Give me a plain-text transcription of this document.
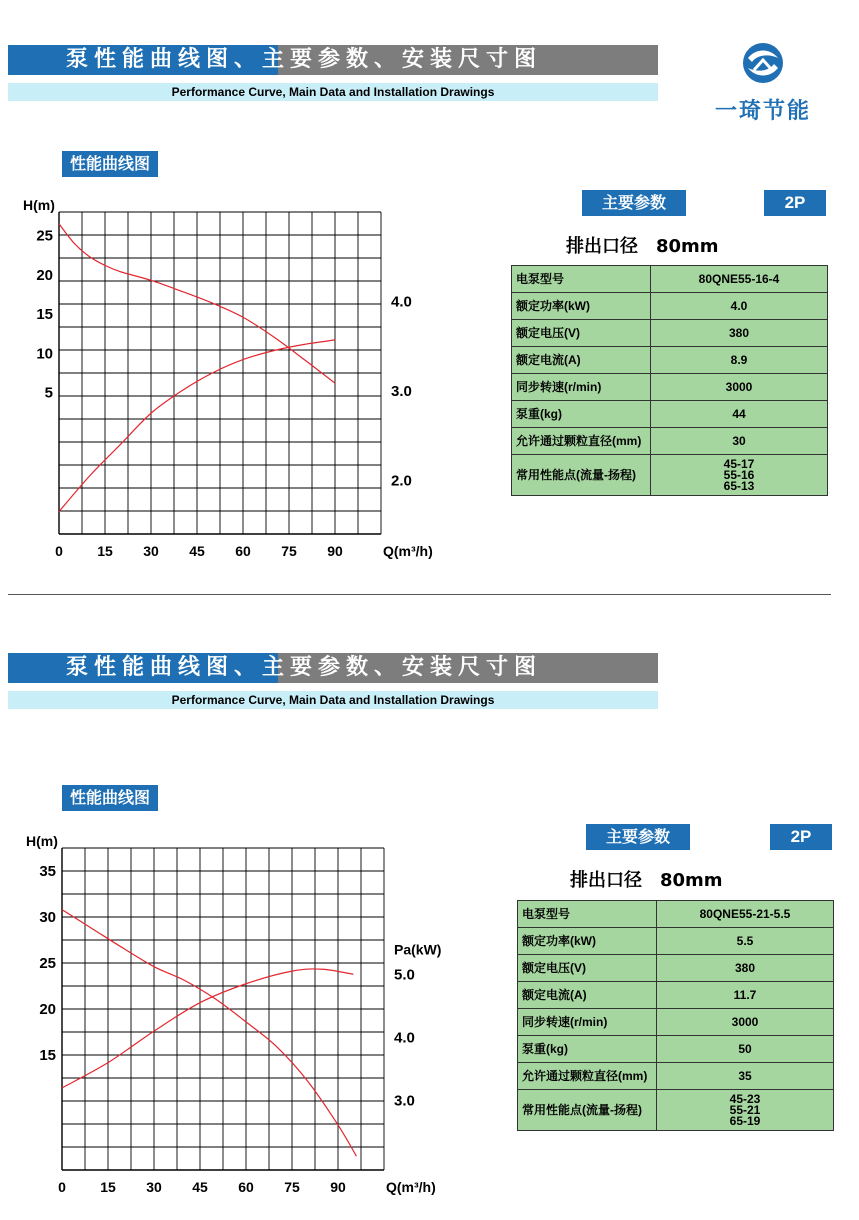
一琦节能
泵性能曲线图、主要参数、安装尺寸图
Performance Curve, Main Data and Installation Drawings
性能曲线图
0 15 30 45 60 75 90	Q(m³/h)
5
10
15
20
25
H(m)
2.0
3.0
4.0
主要参数	2P
排出口径　80mm
电泵型号	80QNE55-16-4
额定功率(kW)	4.0
额定电压(V)	380
额定电流(A)	8.9
同步转速(r/min)	3000
泵重(kg)	44
允许通过颗粒直径(mm)	30
常用性能点(流量-扬程)	45-17
55-16
65-13
泵性能曲线图、主要参数、安装尺寸图
Performance Curve, Main Data and Installation Drawings
性能曲线图
0 15 30 45 60 75 90	Q(m³/h)
15
20
25
30
35
H(m)
3.0
4.0
5.0
Pa(kW)
主要参数	2P
排出口径　80mm
电泵型号	80QNE55-21-5.5
额定功率(kW)	5.5
额定电压(V)	380
额定电流(A)	11.7
同步转速(r/min)	3000
泵重(kg)	50
允许通过颗粒直径(mm)	35
常用性能点(流量-扬程)	45-23
55-21
65-19
